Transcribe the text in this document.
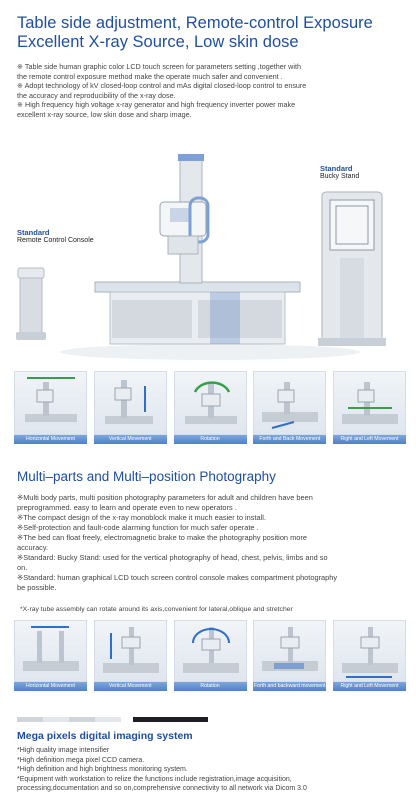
Table side adjustment, Remote-control Exposure
Excellent X-ray Source, Low skin dose

※ Table side human graphic color LCD touch screen for parameters setting ,together with

the remote control exposure method make the operate much safer and convenient .

※ Adopt technology of kV closed-loop control and mAs digital closed-loop control to ensure

the accuracy and reproducibility of the x-ray dose.

※ High frequency high voltage x-ray generator and high frequency inverter power make

excellent x-ray source, low skin dose and sharp image.

Standard
Remote Control Console
Standard
Bucky Stand
Horizontal Movement	Vertical Movement	Rotation	Forth and Back Movement	Right and Left Movement
Multi–parts and Multi–position Photography

※Multi body parts, multi position photography parameters for adult and children have been

preprogrammed. easy to learn and operate even to new operators .

※The compact design of the x-ray monoblock make it much easier to install.

※Self-protection and fault-code alarming function for much safer operate .

※The bed can float freely, electromagnetic brake to make the photography position more

accuracy.

※Standard: Bucky Stand: used for the vertical photography of head, chest, pelvis, limbs and so

on.

※Standard: human graphical LCD touch screen control console makes compartment photography

be possible.

*X-ray tube assembly can rotate around its axis,convenient for lateral,oblique and stretcher
Horizontal Movement	Vertical Movement	Rotation	Forth and backward movement	Right and Left Movement
Mega pixels digital imaging system

*High quality image intensifier

*High definition mega pixel CCD camera.

*High definition and high brightness monitoring system.

*Equipment with workstation to relize the functions include registration,image acquisition,

processing,documentation and so on,comprehensive connectivity to all network via Dicom 3.0
